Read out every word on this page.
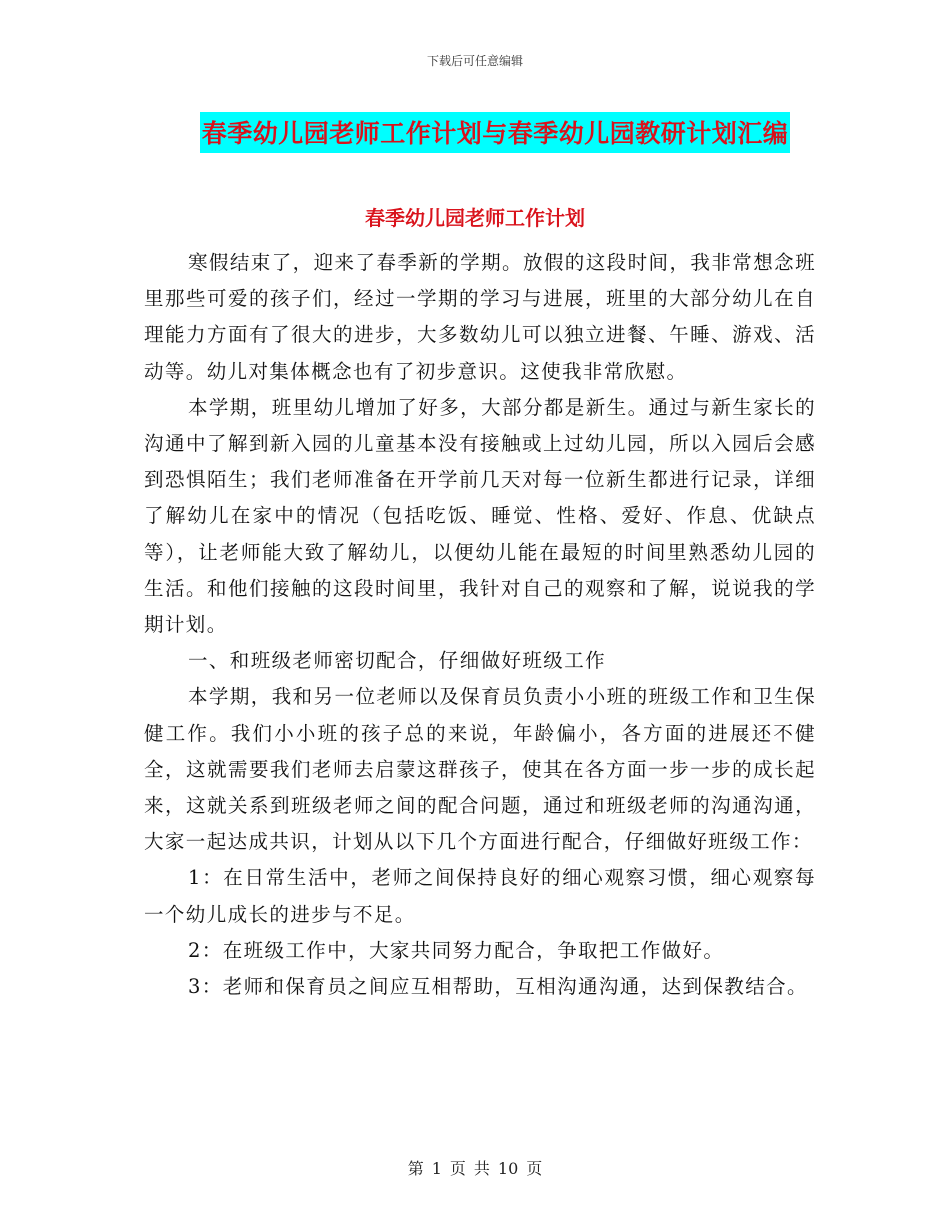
下载后可任意编辑
春季幼儿园老师工作计划与春季幼儿园教研计划汇编
春季幼儿园老师工作计划

寒假结束了，迎来了春季新的学期。放假的这段时间，我非常想念班里那些可爱的孩子们，经过一学期的学习与进展，班里的大部分幼儿在自理能力方面有了很大的进步，大多数幼儿可以独立进餐、午睡、游戏、活动等。幼儿对集体概念也有了初步意识。这使我非常欣慰。

本学期，班里幼儿增加了好多，大部分都是新生。通过与新生家长的沟通中了解到新入园的儿童基本没有接触或上过幼儿园，所以入园后会感到恐惧陌生；我们老师准备在开学前几天对每一位新生都进行记录，详细了解幼儿在家中的情况（包括吃饭、睡觉、性格、爱好、作息、优缺点等），让老师能大致了解幼儿，以便幼儿能在最短的时间里熟悉幼儿园的生活。和他们接触的这段时间里，我针对自己的观察和了解，说说我的学期计划。

一、和班级老师密切配合，仔细做好班级工作

本学期，我和另一位老师以及保育员负责小小班的班级工作和卫生保健工作。我们小小班的孩子总的来说，年龄偏小，各方面的进展还不健全，这就需要我们老师去启蒙这群孩子，使其在各方面一步一步的成长起来，这就关系到班级老师之间的配合问题，通过和班级老师的沟通沟通，大家一起达成共识，计划从以下几个方面进行配合，仔细做好班级工作：

1：在日常生活中，老师之间保持良好的细心观察习惯，细心观察每一个幼儿成长的进步与不足。

2：在班级工作中，大家共同努力配合，争取把工作做好。

3：老师和保育员之间应互相帮助，互相沟通沟通，达到保教结合。

第 1 页 共 10 页
